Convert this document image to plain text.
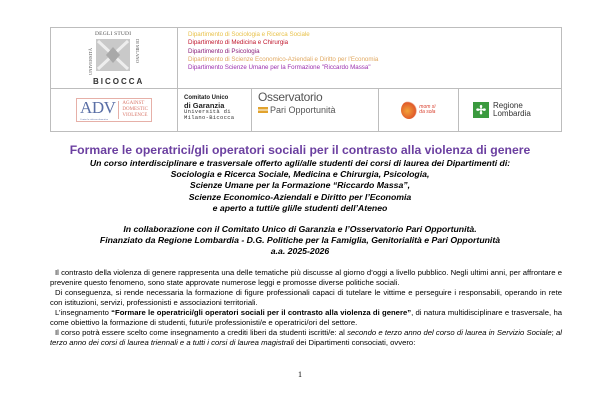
DEGLI STUDI
UNIVERSITÀ	DI MILANO
BICOCCA
Dipartimento di Sociologia e Ricerca Sociale
Dipartimento di Medicina e Chirurgia
Dipartimento di Psicologia
Dipartimento di Scienze Economico-Aziendali e Diritto per l'Economia
Dipartimento Scienze Umane per la Formazione "Riccardo Massa"
ADV
Contro la violenza domestica
AGAINST
DOMESTIC
VIOLENCE
Comitato Unico
di Garanzia
Università di
Milano-Bicocca
Osservatorio
Pari Opportunità	mom sì
da sola	✢ Regione
Lombardia
Formare le operatrici/gli operatori sociali per il contrasto alla violenza di genere
Un corso interdisciplinare e trasversale offerto agli/alle studenti dei corsi di laurea dei Dipartimenti di:
Sociologia e Ricerca Sociale, Medicina e Chirurgia, Psicologia,
Scienze Umane per la Formazione “Riccardo Massa”,
Scienze Economico-Aziendali e Diritto per l’Economia
e aperto a tutti/e gli/le studenti dell’Ateneo
In collaborazione con il Comitato Unico di Garanzia e l’Osservatorio Pari Opportunità.
Finanziato da Regione Lombardia - D.G. Politiche per la Famiglia, Genitorialità e Pari Opportunità
a.a. 2025-2026

Il contrasto della violenza di genere rappresenta una delle tematiche più discusse al giorno d’oggi a livello pubblico. Negli ultimi anni, per affrontare e prevenire questo fenomeno, sono state approvate numerose leggi e promosse diverse politiche sociali.

Di conseguenza, si rende necessaria la formazione di figure professionali capaci di tutelare le vittime e perseguire i responsabili, operando in rete con istituzioni, servizi, professionisti e associazioni territoriali.

L’insegnamento “Formare le operatrici/gli operatori sociali per il contrasto alla violenza di genere”, di natura multidisciplinare e trasversale, ha come obiettivo la formazione di studenti, futuri/e professionisti/e e operatrici/ori del settore.

Il corso potrà essere scelto come insegnamento a crediti liberi da studenti iscritti/e: al secondo e terzo anno del corso di laurea in Servizio Sociale; al terzo anno dei corsi di laurea triennali e a tutti i corsi di laurea magistrali dei Dipartimenti consociati, ovvero:

1
